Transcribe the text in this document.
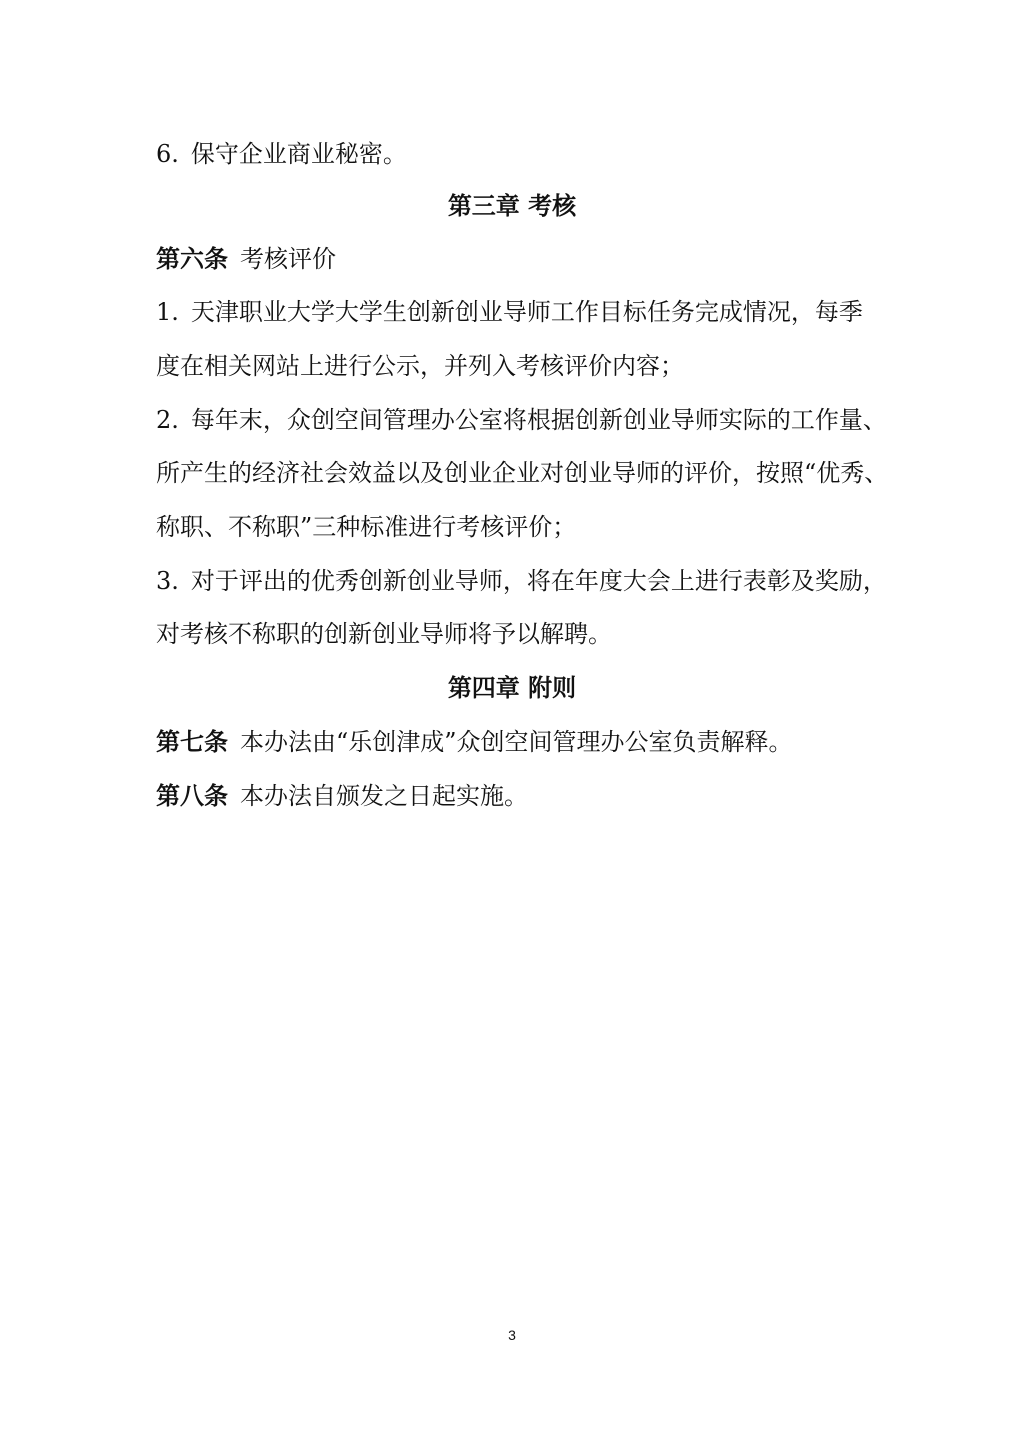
6. 保守企业商业秘密。
第三章 考核
第六条 考核评价
1. 天津职业大学大学生创新创业导师工作目标任务完成情况，每季
度在相关网站上进行公示，并列入考核评价内容；
2. 每年末，众创空间管理办公室将根据创新创业导师实际的工作量、
所产生的经济社会效益以及创业企业对创业导师的评价，按照“优秀、
称职、不称职”三种标准进行考核评价；
3. 对于评出的优秀创新创业导师，将在年度大会上进行表彰及奖励，
对考核不称职的创新创业导师将予以解聘。
第四章 附则
第七条 本办法由“乐创津成”众创空间管理办公室负责解释。
第八条 本办法自颁发之日起实施。
3
